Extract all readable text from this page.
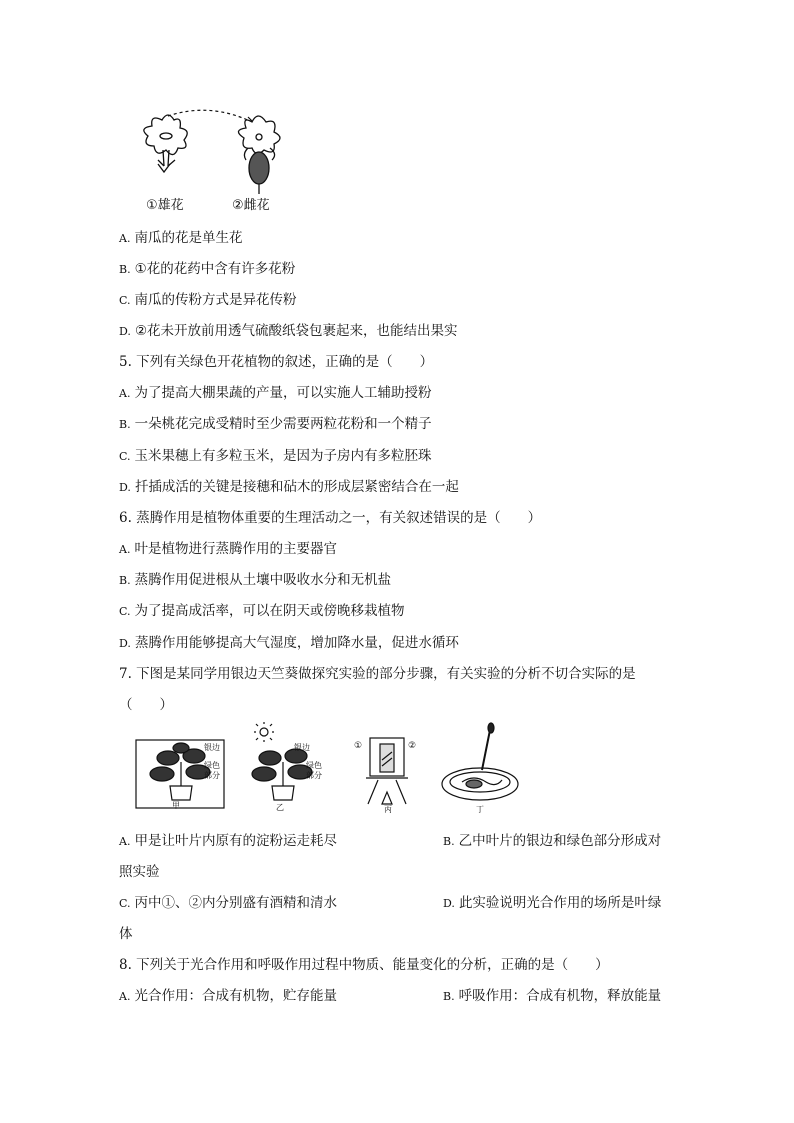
①雄花	②雌花
A. 南瓜的花是单生花
B. ①花的花药中含有许多花粉
C. 南瓜的传粉方式是异花传粉
D. ②花未开放前用透气硫酸纸袋包裹起来，也能结出果实
5. 下列有关绿色开花植物的叙述，正确的是（　　）
A. 为了提高大棚果蔬的产量，可以实施人工辅助授粉
B. 一朵桃花完成受精时至少需要两粒花粉和一个精子
C. 玉米果穗上有多粒玉米，是因为子房内有多粒胚珠
D. 扦插成活的关键是接穗和砧木的形成层紧密结合在一起
6. 蒸腾作用是植物体重要的生理活动之一，有关叙述错误的是（　　）
A. 叶是植物进行蒸腾作用的主要器官
B. 蒸腾作用促进根从土壤中吸收水分和无机盐
C. 为了提高成活率，可以在阴天或傍晚移栽植物
D. 蒸腾作用能够提高大气湿度，增加降水量，促进水循环
7. 下图是某同学用银边天竺葵做探究实验的部分步骤，有关实验的分析不切合实际的是
（　　）
甲
银边
绿色
部分
乙
银边
绿色
部分
①	②
丙	丁
A. 甲是让叶片内原有的淀粉运走耗尽	B. 乙中叶片的银边和绿色部分形成对
照实验
C. 丙中①、②内分别盛有酒精和清水	D. 此实验说明光合作用的场所是叶绿
体
8. 下列关于光合作用和呼吸作用过程中物质、能量变化的分析，正确的是（　　）
A. 光合作用：合成有机物，贮存能量	B. 呼吸作用：合成有机物，释放能量
